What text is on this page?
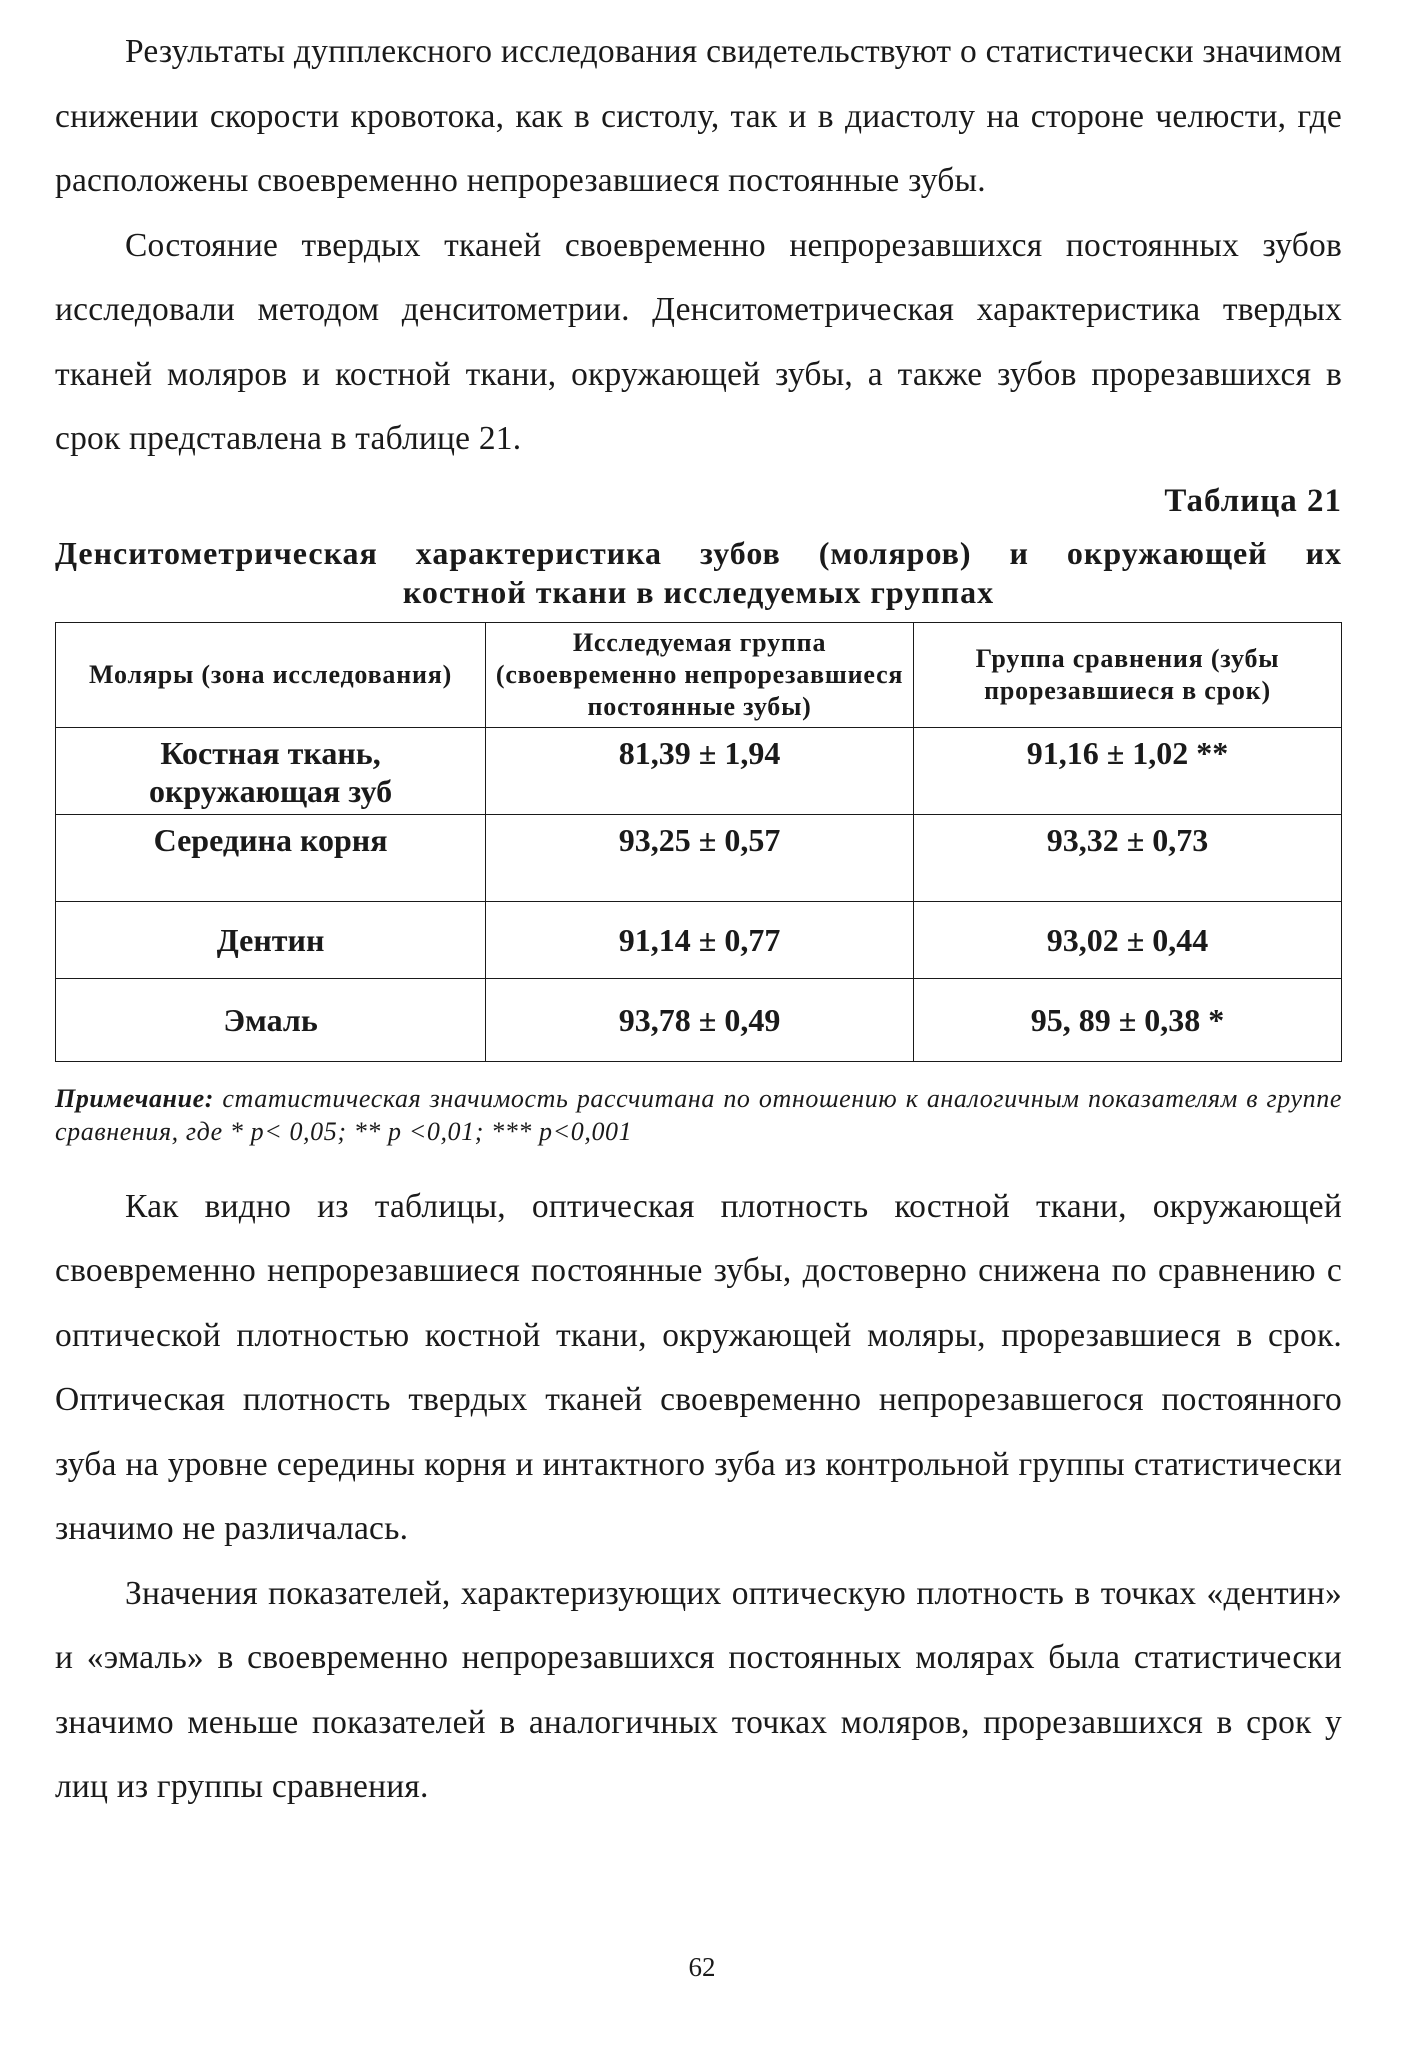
Результаты дупплексного исследования свидетельствуют о статистически значимом снижении скорости кровотока, как в систолу, так и в диастолу на стороне челюсти, где расположены своевременно непрорезавшиеся постоянные зубы.

Состояние твердых тканей своевременно непрорезавшихся постоянных зубов исследовали методом денситометрии. Денситометрическая характеристика твердых тканей моляров и костной ткани, окружающей зубы, а также зубов прорезавшихся в срок представлена в таблице 21.

Таблица 21
Денситометрическая характеристика зубов (моляров) и окружающей их
костной ткани в исследуемых группах
Моляры (зона исследования)	Исследуемая группа (своевременно непрорезавшиеся постоянные зубы)	Группа сравнения (зубы прорезавшиеся в срок)
Костная ткань, окружающая зуб	81,39 ± 1,94	91,16 ± 1,02 **
Середина корня	93,25 ± 0,57	93,32 ± 0,73
Дентин	91,14 ± 0,77	93,02 ± 0,44
Эмаль	93,78 ± 0,49	95, 89 ± 0,38 *
Примечание: статистическая значимость рассчитана по отношению к аналогичным показателям в группе сравнения, где * p< 0,05; ** p <0,01; *** p<0,001

Как видно из таблицы, оптическая плотность костной ткани, окружающей своевременно непрорезавшиеся постоянные зубы, достоверно снижена по сравнению с оптической плотностью костной ткани, окружающей моляры, прорезавшиеся в срок. Оптическая плотность твердых тканей своевременно непрорезавшегося постоянного зуба на уровне середины корня и интактного зуба из контрольной группы статистически значимо не различалась.

Значения показателей, характеризующих оптическую плотность в точках «дентин» и «эмаль» в своевременно непрорезавшихся постоянных молярах была статистически значимо меньше показателей в аналогичных точках моляров, прорезавшихся в срок у лиц из группы сравнения.

62
